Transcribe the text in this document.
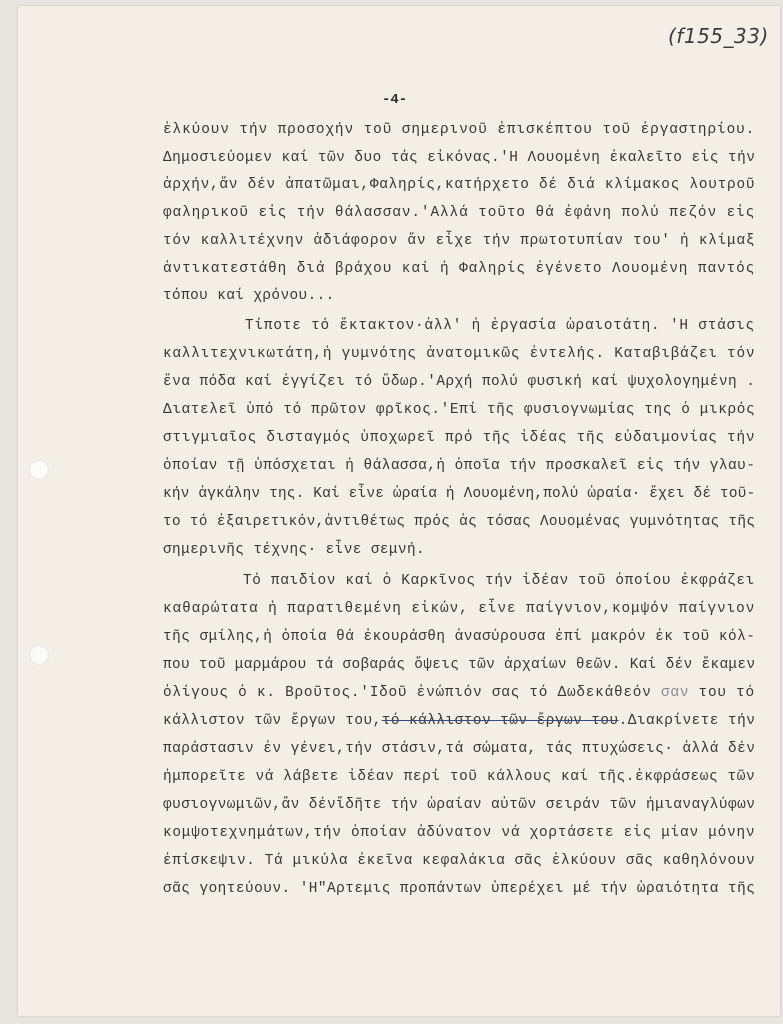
(f155_33)
-4-
ἑλκύουν τήν προσοχήν τοῦ σημερινοῦ ἐπισκέπτου τοῦ ἐργαστηρίου.
Δημοσιεύομεν καί τῶν δυο τάς εἰκόνας.'Η Λουομένη ἐκαλεῖτο εἰς τήν
ἀρχήν,ἄν δέν ἀπατῶμαι,Φαληρίς,κατήρχετο δέ διά κλίμακος λουτροῦ
φαληρικοῦ εἰς τήν θάλασσαν.'Αλλά τοῦτο θά ἐφάνη πολύ πεζόν εἰς
τόν καλλιτέχνην ἀδιάφορον ἄν εἶχε τήν πρωτοτυπίαν του' ἡ κλίμαξ
ἀντικατεστάθη διά βράχου καί ἡ Φαληρίς ἐγένετο Λουομένη παντός
τόπου καί χρόνου...
Τίποτε τό ἔκτακτον·ἀλλ' ἡ ἐργασία ὡραιοτάτη. 'Η στάσις
καλλιτεχνικωτάτη,ἡ γυμνότης ἀνατομικῶς ἐντελής. Καταβιβάζει τόν
ἕνα πόδα καί ἐγγίζει τό ὕδωρ.'Αρχή πολύ φυσική καί ψυχολογημένη .
Διατελεῖ ὑπό τό πρῶτον φρῖκος.'Επί τῆς φυσιογνωμίας της ὁ μικρός
στιγμιαῖος δισταγμός ὑποχωρεῖ πρό τῆς ἰδέας τῆς εὐδαιμονίας τήν
ὁποίαν τῇ ὑπόσχεται ἡ θάλασσα,ἡ ὁποῖα τήν προσκαλεῖ εἰς τήν γλαυ-
κήν ἀγκάλην της. Καί εἶνε ὡραία ἡ Λουομένη,πολύ ὡραία· ἔχει δέ τοῦ-
το τό ἐξαιρετικόν,ἀντιθέτως πρός ἁς τόσας Λουομένας γυμνότητας τῆς
σημερινῆς τέχνης· εἶνε σεμνή.
Τό παιδίον καί ὁ Καρκῖνος τήν ἰδέαν τοῦ ὁποίου ἐκφράζει
καθαρώτατα ἡ παρατιθεμένη εἰκών, εἶνε παίγνιον,κομψόν παίγνιον
τῆς σμίλης,ἡ ὁποία θά ἐκουράσθη ἀνασύρουσα ἐπί μακρόν ἐκ τοῦ κόλ-
που τοῦ μαρμάρου τά σοβαράς ὄψεις τῶν ἀρχαίων θεῶν. Καί δέν ἔκαμεν
ὀλίγους ὁ κ. Βροῦτος.'Ιδοῦ ἐνώπιόν σας τό Δωδεκάθεόν σαν του τό
κάλλιστον τῶν ἔργων του,τό κάλλιστον τῶν ἔργων του.Διακρίνετε τήν
παράστασιν ἐν γένει,τήν στάσιν,τά σώματα, τάς πτυχώσεις· ἀλλά δέν
ἠμπορεῖτε νά λάβετε ἰδέαν περί τοῦ κάλλους καί τῆς.ἐκφράσεως τῶν
φυσιογνωμιῶν,ἄν δένἴδῆτε τήν ὡραίαν αὐτῶν σειράν τῶν ἡμιαναγλύφων
κομψοτεχνημάτων,τήν ὁποίαν ἀδύνατον νά χορτάσετε εἰς μίαν μόνην
ἐπίσκεψιν. Τά μικύλα ἐκεῖνα κεφαλάκια σᾶς ἑλκύουν σᾶς καθηλόνουν
σᾶς γοητεύουν. 'Η"Αρτεμις προπάντων ὑπερέχει μέ τήν ὡραιότητα τῆς
